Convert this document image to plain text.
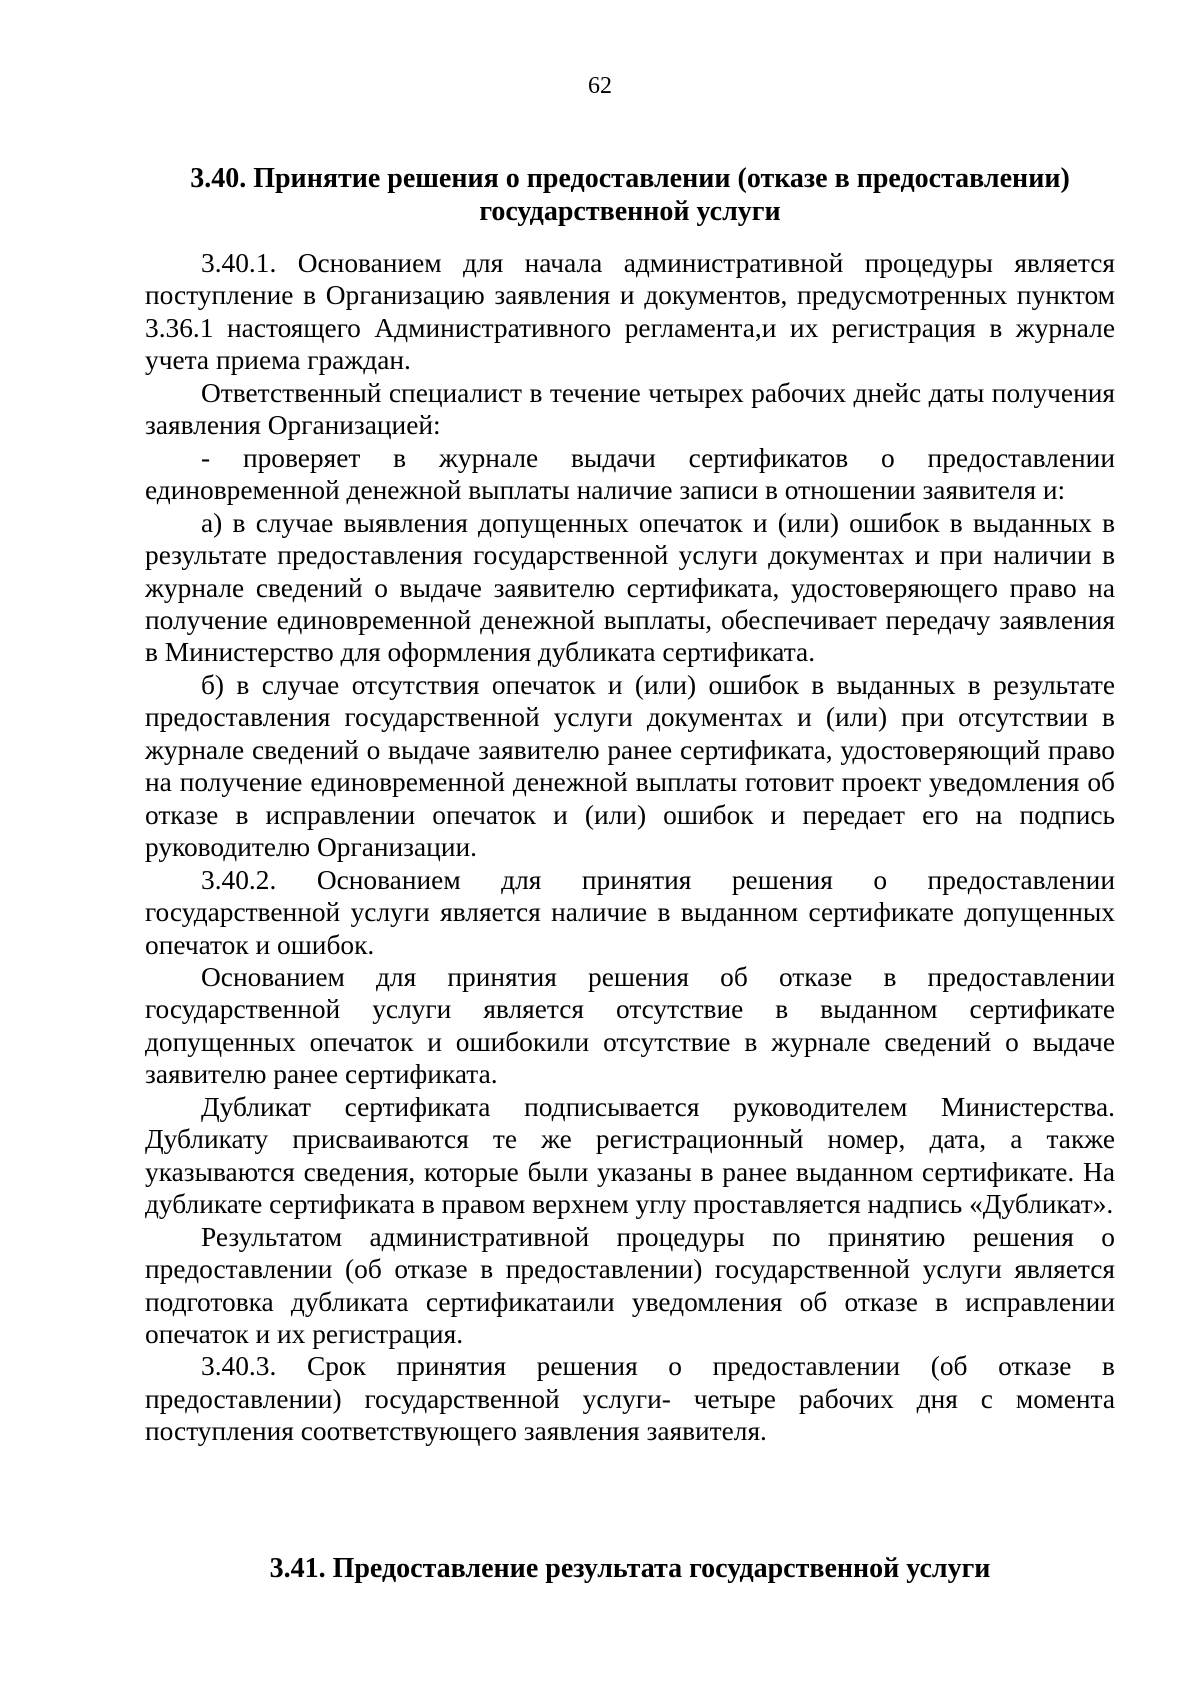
62
3.40. Принятие решения о предоставлении (отказе в предоставлении)
государственной услуги

3.40.1. Основанием для начала административной процедуры является поступление в Организацию заявления и документов, предусмотренных пунктом 3.36.1 настоящего Административного регламента,и их регистрация в журнале учета приема граждан.

Ответственный специалист в течение четырех рабочих днейс даты получения заявления Организацией:

- проверяет в журнале выдачи сертификатов о предоставлении единовременной денежной выплаты наличие записи в отношении заявителя и:

а) в случае выявления допущенных опечаток и (или) ошибок в выданных в результате предоставления государственной услуги документах и при наличии в журнале сведений о выдаче заявителю сертификата, удостоверяющего право на получение единовременной денежной выплаты, обеспечивает передачу заявления в Министерство для оформления дубликата сертификата.

б) в случае отсутствия опечаток и (или) ошибок в выданных в результате предоставления государственной услуги документах и (или) при отсутствии в журнале сведений о выдаче заявителю ранее сертификата, удостоверяющий право на получение единовременной денежной выплаты готовит проект уведомления об отказе в исправлении опечаток и (или) ошибок и передает его на подпись руководителю Организации.

3.40.2. Основанием для принятия решения о предоставлении государственной услуги является наличие в выданном сертификате допущенных опечаток и ошибок.

Основанием для принятия решения об отказе в предоставлении государственной услуги является отсутствие в выданном сертификате допущенных опечаток и ошибокили отсутствие в журнале сведений о выдаче заявителю ранее сертификата.

Дубликат сертификата подписывается руководителем Министерства. Дубликату присваиваются те же регистрационный номер, дата, а также указываются сведения, которые были указаны в ранее выданном сертификате. На дубликате сертификата в правом верхнем углу проставляется надпись «Дубликат».

Результатом административной процедуры по принятию решения о предоставлении (об отказе в предоставлении) государственной услуги является подготовка дубликата сертификатаили уведомления об отказе в исправлении опечаток и их регистрация.

3.40.3. Срок принятия решения о предоставлении (об отказе в предоставлении) государственной услуги- четыре рабочих дня с момента поступления соответствующего заявления заявителя.

3.41. Предоставление результата государственной услуги
